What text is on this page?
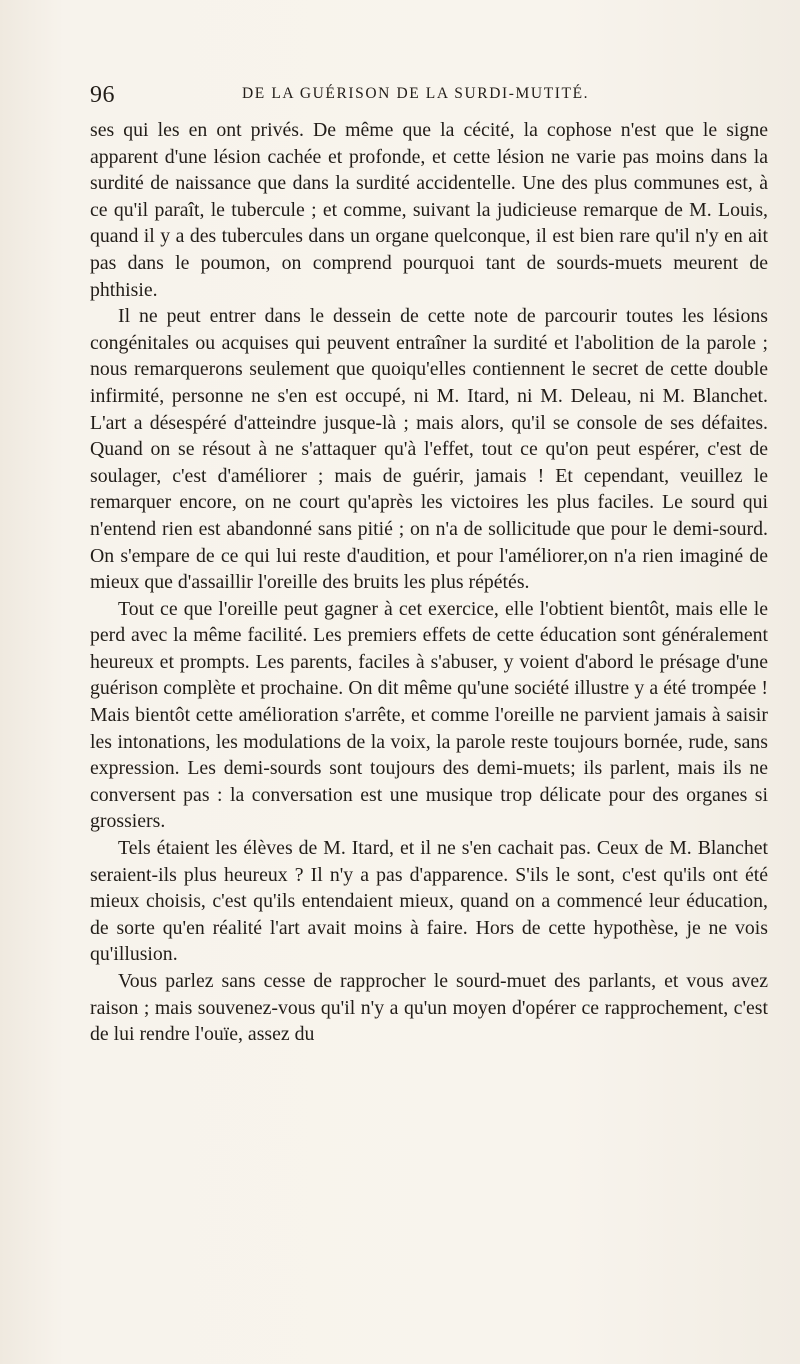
96	DE LA GUÉRISON DE LA SURDI-MUTITÉ.

ses qui les en ont privés. De même que la cécité, la cophose n'est que le signe apparent d'une lésion cachée et profonde, et cette lésion ne varie pas moins dans la surdité de naissance que dans la surdité accidentelle. Une des plus communes est, à ce qu'il paraît, le tubercule ; et comme, suivant la judicieuse remarque de M. Louis, quand il y a des tubercules dans un organe quelconque, il est bien rare qu'il n'y en ait pas dans le poumon, on comprend pourquoi tant de sourds-muets meurent de phthisie.

Il ne peut entrer dans le dessein de cette note de parcourir toutes les lésions congénitales ou acquises qui peuvent entraîner la surdité et l'abolition de la parole ; nous remarquerons seulement que quoiqu'elles contiennent le secret de cette double infirmité, personne ne s'en est occupé, ni M. Itard, ni M. Deleau, ni M. Blanchet. L'art a désespéré d'atteindre jusque-là ; mais alors, qu'il se console de ses défaites. Quand on se résout à ne s'attaquer qu'à l'effet, tout ce qu'on peut espérer, c'est de soulager, c'est d'améliorer ; mais de guérir, jamais ! Et cependant, veuillez le remarquer encore, on ne court qu'après les victoires les plus faciles. Le sourd qui n'entend rien est abandonné sans pitié ; on n'a de sollicitude que pour le demi-sourd. On s'empare de ce qui lui reste d'audition, et pour l'améliorer,on n'a rien imaginé de mieux que d'assaillir l'oreille des bruits les plus répétés.

Tout ce que l'oreille peut gagner à cet exercice, elle l'obtient bientôt, mais elle le perd avec la même facilité. Les premiers effets de cette éducation sont généralement heureux et prompts. Les parents, faciles à s'abuser, y voient d'abord le présage d'une guérison complète et prochaine. On dit même qu'une société illustre y a été trompée ! Mais bientôt cette amélioration s'arrête, et comme l'oreille ne parvient jamais à saisir les intonations, les modulations de la voix, la parole reste toujours bornée, rude, sans expression. Les demi-sourds sont toujours des demi-muets; ils parlent, mais ils ne conversent pas : la conversation est une musique trop délicate pour des organes si grossiers.

Tels étaient les élèves de M. Itard, et il ne s'en cachait pas. Ceux de M. Blanchet seraient-ils plus heureux ? Il n'y a pas d'apparence. S'ils le sont, c'est qu'ils ont été mieux choisis, c'est qu'ils entendaient mieux, quand on a commencé leur éducation, de sorte qu'en réalité l'art avait moins à faire. Hors de cette hypothèse, je ne vois qu'illusion.

Vous parlez sans cesse de rapprocher le sourd-muet des parlants, et vous avez raison ; mais souvenez-vous qu'il n'y a qu'un moyen d'opérer ce rapprochement, c'est de lui rendre l'ouïe, assez du
